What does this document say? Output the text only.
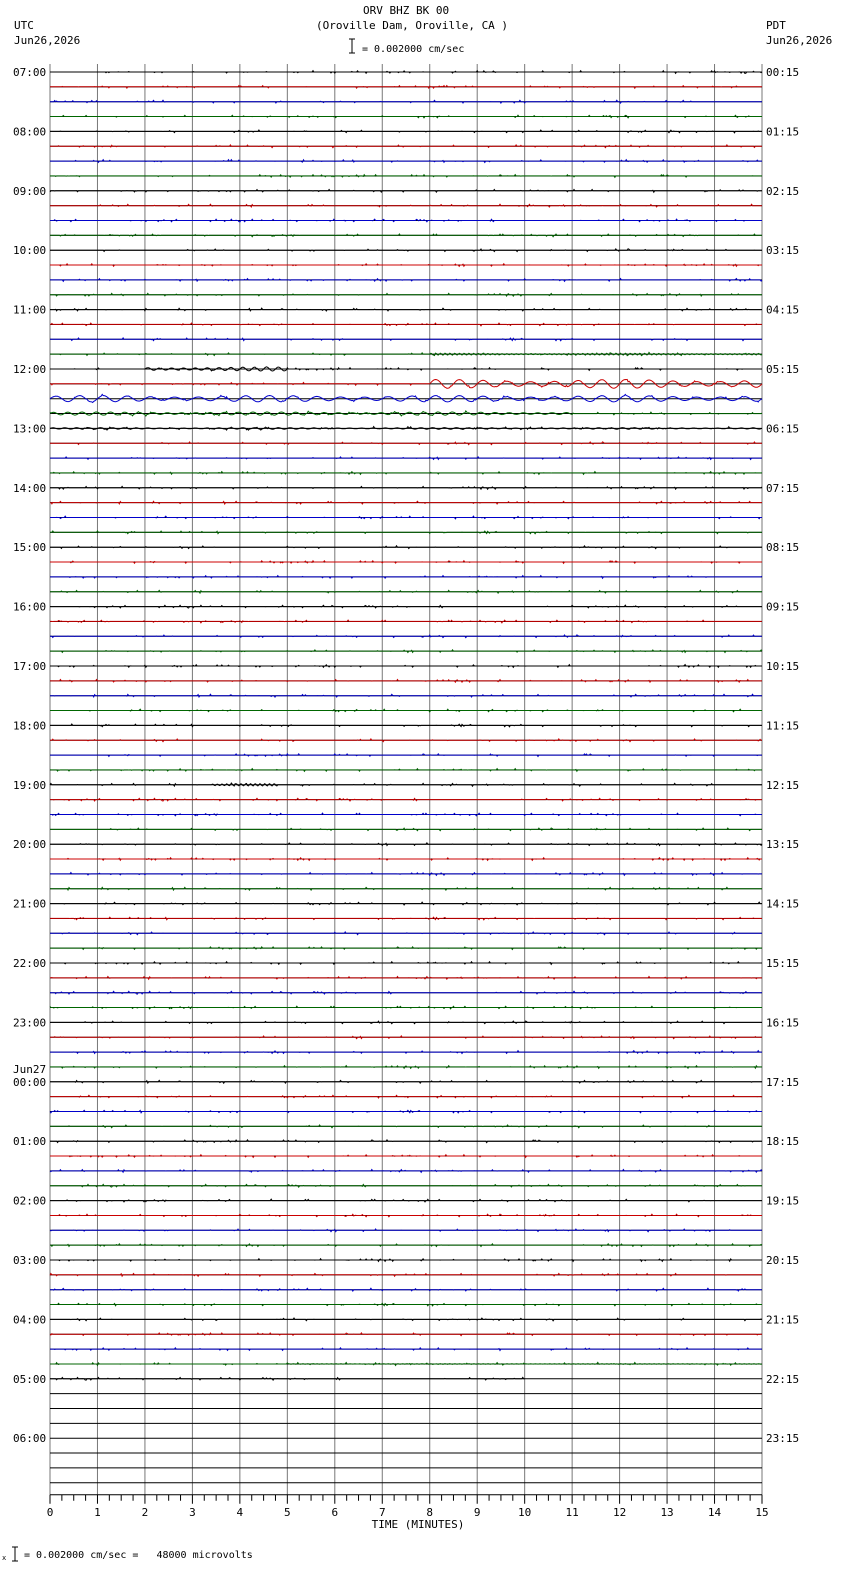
ORV BHZ BK 00
(Oroville Dam, Oroville, CA )
UTC
Jun26,2026
PDT
Jun26,2026
= 0.002000 cm/sec
07:00
08:00
09:00
10:00
11:00
12:00
13:00
14:00
15:00
16:00
17:00
18:00
19:00
20:00
21:00
22:00
23:00
00:00
Jun27
01:00
02:00
03:00
04:00
05:00
06:00
00:15
01:15
02:15
03:15
04:15
05:15
06:15
07:15
08:15
09:15
10:15
11:15
12:15
13:15
14:15
15:15
16:15
17:15
18:15
19:15
20:15
21:15
22:15
23:15
0	1	2	3	4	5	6	7	8	9	10	11	12	13	14	15
TIME (MINUTES)
x = 0.002000 cm/sec =   48000 microvolts
